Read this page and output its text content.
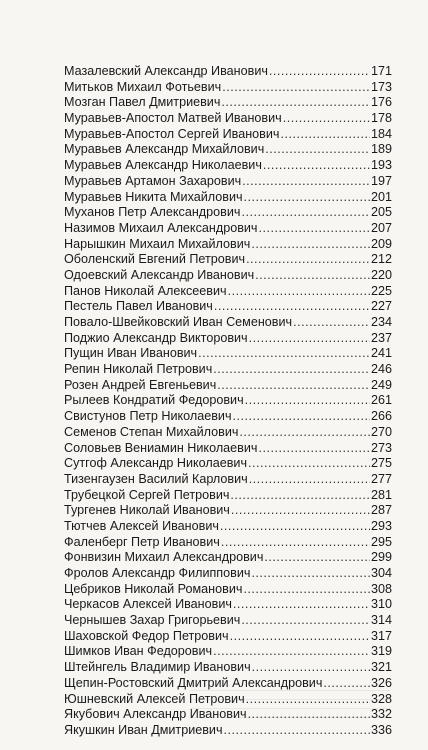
Мазалевский Александр Иванович .....	171
Митьков Михаил Фотьевич .....	173
Мозган Павел Дмитриевич .....	176
Муравьев-Апостол Матвей Иванович .....	178
Муравьев-Апостол Сергей Иванович .....	184
Муравьев Александр Михайлович .....	189
Муравьев Александр Николаевич .....	193
Муравьев Артамон Захарович .....	197
Муравьев Никита Михайлович .....	201
Муханов Петр Александрович .....	205
Назимов Михаил Александрович .....	207
Нарышкин Михаил Михайлович .....	209
Оболенский Евгений Петрович .....	212
Одоевский Александр Иванович .....	220
Панов Николай Алексеевич .....	225
Пестель Павел Иванович .....	227
Повало-Швейковский Иван Семенович .....	234
Поджио Александр Викторович .....	237
Пущин Иван Иванович .....	241
Репин Николай Петрович .....	246
Розен Андрей Евгеньевич .....	249
Рылеев Кондратий Федорович .....	261
Свистунов Петр Николаевич .....	266
Семенов Степан Михайлович .....	270
Соловьев Вениамин Николаевич .....	273
Сутгоф Александр Николаевич .....	275
Тизенгаузен Василий Карлович .....	277
Трубецкой Сергей Петрович .....	281
Тургенев Николай Иванович .....	287
Тютчев Алексей Иванович .....	293
Фаленберг Петр Иванович .....	295
Фонвизин Михаил Александрович .....	299
Фролов Александр Филиппович .....	304
Цебриков Николай Романович .....	308
Черкасов Алексей Иванович .....	310
Чернышев Захар Григорьевич .....	314
Шаховской Федор Петрович .....	317
Шимков Иван Федорович .....	319
Штейнгель Владимир Иванович .....	321
Щепин-Ростовский Дмитрий Александрович .....	326
Юшневский Алексей Петрович .....	328
Якубович Александр Иванович .....	332
Якушкин Иван Дмитриевич .....	336
